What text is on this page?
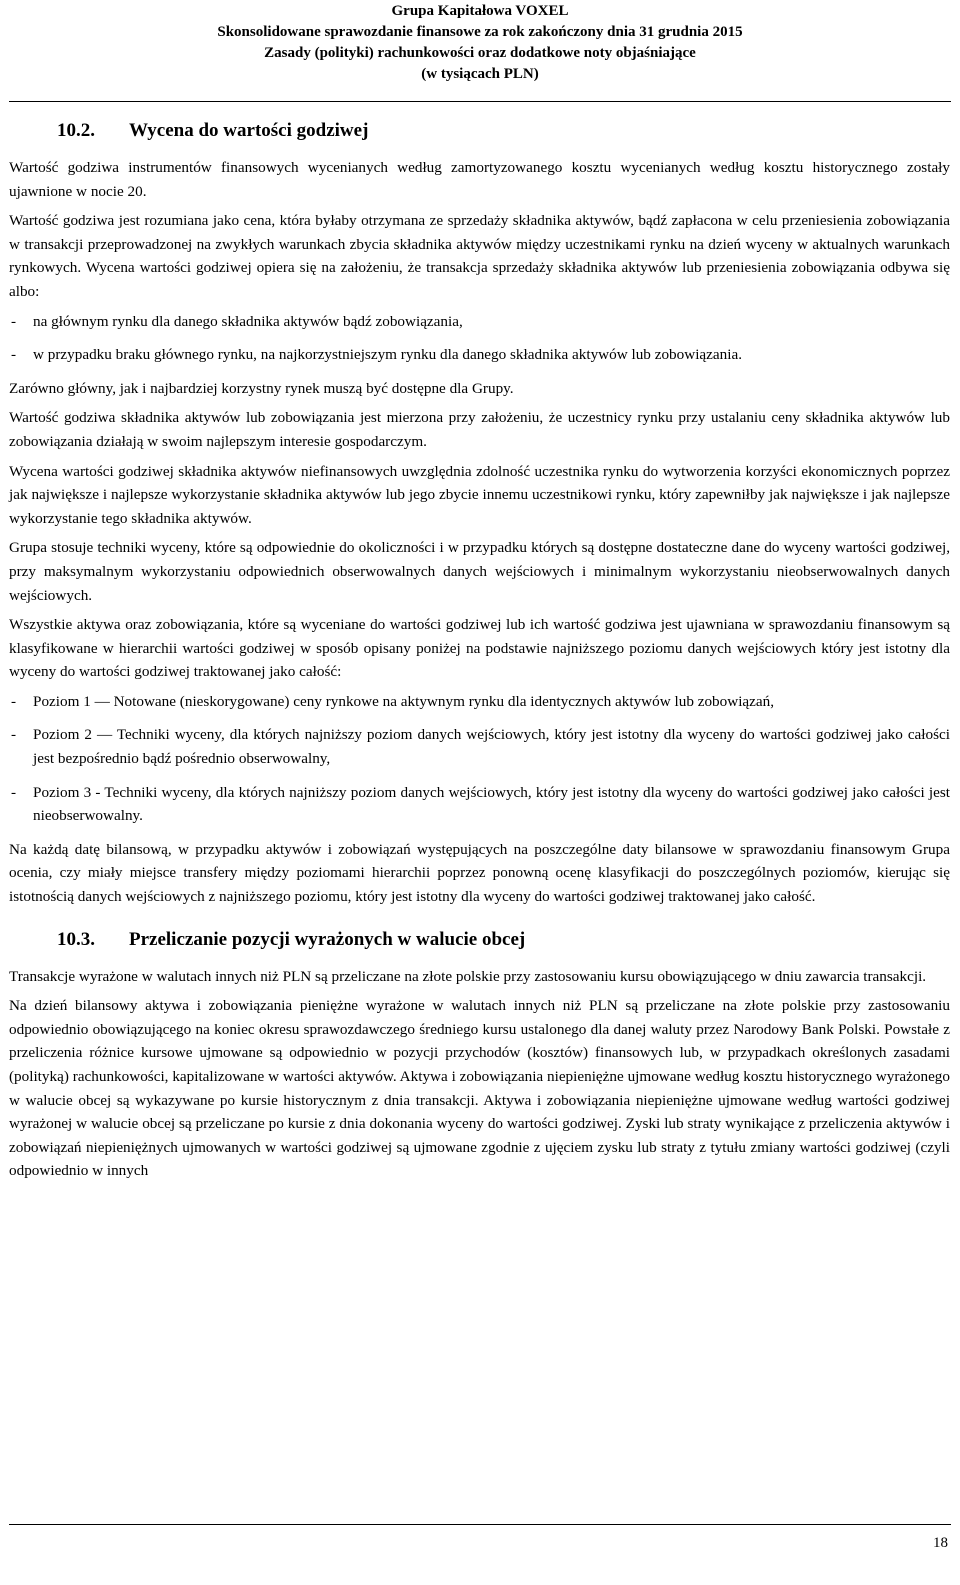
Grupa Kapitałowa VOXEL
Skonsolidowane sprawozdanie finansowe za rok zakończony dnia 31 grudnia 2015
Zasady (polityki) rachunkowości oraz dodatkowe noty objaśniające
(w tysiącach PLN)
10.2. Wycena do wartości godziwej

Wartość godziwa instrumentów finansowych wycenianych według zamortyzowanego kosztu wycenianych według kosztu historycznego zostały ujawnione w nocie 20.

Wartość godziwa jest rozumiana jako cena, która byłaby otrzymana ze sprzedaży składnika aktywów, bądź zapłacona w celu przeniesienia zobowiązania w transakcji przeprowadzonej na zwykłych warunkach zbycia składnika aktywów między uczestnikami rynku na dzień wyceny w aktualnych warunkach rynkowych. Wycena wartości godziwej opiera się na założeniu, że transakcja sprzedaży składnika aktywów lub przeniesienia zobowiązania odbywa się albo:

- na głównym rynku dla danego składnika aktywów bądź zobowiązania,
- w przypadku braku głównego rynku, na najkorzystniejszym rynku dla danego składnika aktywów lub zobowiązania.

Zarówno główny, jak i najbardziej korzystny rynek muszą być dostępne dla Grupy.

Wartość godziwa składnika aktywów lub zobowiązania jest mierzona przy założeniu, że uczestnicy rynku przy ustalaniu ceny składnika aktywów lub zobowiązania działają w swoim najlepszym interesie gospodarczym.

Wycena wartości godziwej składnika aktywów niefinansowych uwzględnia zdolność uczestnika rynku do wytworzenia korzyści ekonomicznych poprzez jak największe i najlepsze wykorzystanie składnika aktywów lub jego zbycie innemu uczestnikowi rynku, który zapewniłby jak największe i jak najlepsze wykorzystanie tego składnika aktywów.

Grupa stosuje techniki wyceny, które są odpowiednie do okoliczności i w przypadku których są dostępne dostateczne dane do wyceny wartości godziwej, przy maksymalnym wykorzystaniu odpowiednich obserwowalnych danych wejściowych i minimalnym wykorzystaniu nieobserwowalnych danych wejściowych.

Wszystkie aktywa oraz zobowiązania, które są wyceniane do wartości godziwej lub ich wartość godziwa jest ujawniana w sprawozdaniu finansowym są klasyfikowane w hierarchii wartości godziwej w sposób opisany poniżej na podstawie najniższego poziomu danych wejściowych który jest istotny dla wyceny do wartości godziwej traktowanej jako całość:

- Poziom 1 — Notowane (nieskorygowane) ceny rynkowe na aktywnym rynku dla identycznych aktywów lub zobowiązań,
- Poziom 2 — Techniki wyceny, dla których najniższy poziom danych wejściowych, który jest istotny dla wyceny do wartości godziwej jako całości jest bezpośrednio bądź pośrednio obserwowalny,
- Poziom 3 - Techniki wyceny, dla których najniższy poziom danych wejściowych, który jest istotny dla wyceny do wartości godziwej jako całości jest nieobserwowalny.

Na każdą datę bilansową, w przypadku aktywów i zobowiązań występujących na poszczególne daty bilansowe w sprawozdaniu finansowym Grupa ocenia, czy miały miejsce transfery między poziomami hierarchii poprzez ponowną ocenę klasyfikacji do poszczególnych poziomów, kierując się istotnością danych wejściowych z najniższego poziomu, który jest istotny dla wyceny do wartości godziwej traktowanej jako całość.

10.3. Przeliczanie pozycji wyrażonych w walucie obcej

Transakcje wyrażone w walutach innych niż PLN są przeliczane na złote polskie przy zastosowaniu kursu obowiązującego w dniu zawarcia transakcji.

Na dzień bilansowy aktywa i zobowiązania pieniężne wyrażone w walutach innych niż PLN są przeliczane na złote polskie przy zastosowaniu odpowiednio obowiązującego na koniec okresu sprawozdawczego średniego kursu ustalonego dla danej waluty przez Narodowy Bank Polski. Powstałe z przeliczenia różnice kursowe ujmowane są odpowiednio w pozycji przychodów (kosztów) finansowych lub, w przypadkach określonych zasadami (polityką) rachunkowości, kapitalizowane w wartości aktywów. Aktywa i zobowiązania niepieniężne ujmowane według kosztu historycznego wyrażonego w walucie obcej są wykazywane po kursie historycznym z dnia transakcji. Aktywa i zobowiązania niepieniężne ujmowane według wartości godziwej wyrażonej w walucie obcej są przeliczane po kursie z dnia dokonania wyceny do wartości godziwej. Zyski lub straty wynikające z przeliczenia aktywów i zobowiązań niepieniężnych ujmowanych w wartości godziwej są ujmowane zgodnie z ujęciem zysku lub straty z tytułu zmiany wartości godziwej (czyli odpowiednio w innych

18
